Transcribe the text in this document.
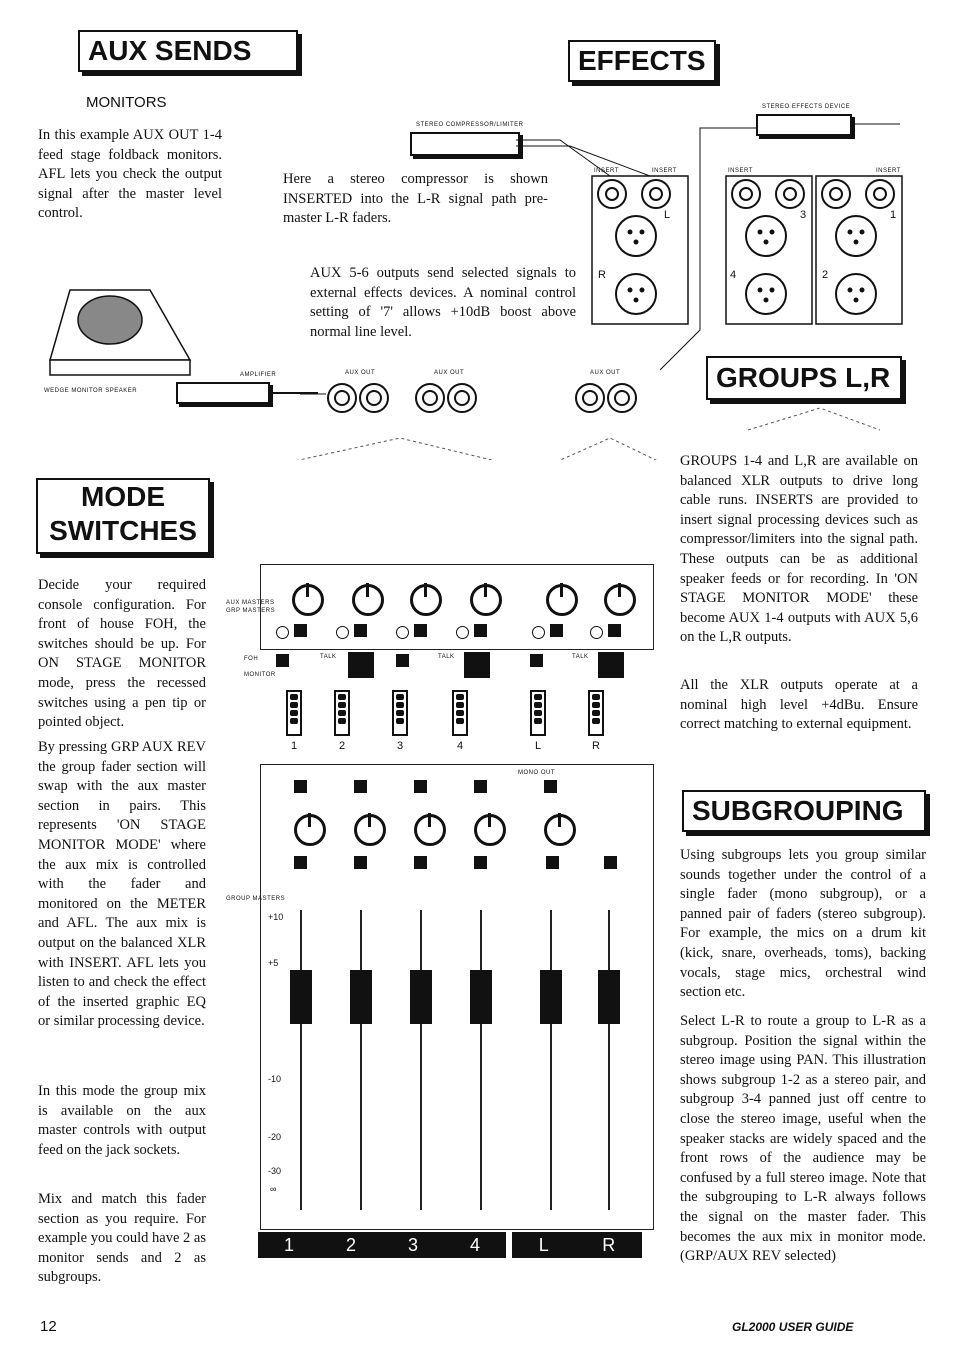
AUX SENDS	EFFECTS
GROUPS L,R
MODE
SWITCHES
SUBGROUPING
MONITORS
In this example AUX OUT 1-4 feed stage foldback monitors. AFL lets you check the output signal after the master level control.
Here a stereo compressor is shown INSERTED into the L-R signal path pre-master L-R faders.
AUX 5-6 outputs send selected signals to external effects devices. A nominal control setting of '7' allows +10dB boost above normal line level.
GROUPS 1-4 and L,R are available on balanced XLR outputs to drive long cable runs. INSERTS are provided to insert signal processing devices such as compressor/limiters into the signal path. These outputs can be as additional speaker feeds or for recording. In 'ON STAGE MONITOR MODE' these become AUX 1-4 outputs with AUX 5,6 on the L,R outputs.
All the XLR outputs operate at a nominal high level +4dBu. Ensure correct matching to external equipment.
Decide your required console configuration. For front of house FOH, the switches should be up. For ON STAGE MONITOR mode, press the recessed switches using a pen tip or pointed object.
By pressing GRP AUX REV the group fader section will swap with the aux master section in pairs. This represents 'ON STAGE MONITOR MODE' where the aux mix is controlled with the fader and monitored on the METER and AFL. The aux mix is output on the balanced XLR with INSERT. AFL lets you listen to and check the effect of the inserted graphic EQ or similar processing device.
In this mode the group mix is available on the aux master controls with output feed on the jack sockets.
Mix and match this fader section as you require. For example you could have 2 as monitor sends and 2 as subgroups.
Using subgroups lets you group similar sounds together under the control of a single fader (mono subgroup), or a panned pair of faders (stereo subgroup). For example, the mics on a drum kit (kick, snare, overheads, toms), backing vocals, stage mics, orchestral wind section etc.
Select L-R to route a group to L-R as a subgroup. Position the signal within the stereo image using PAN. This illustration shows subgroup 1-2 as a stereo pair, and subgroup 3-4 panned just off centre to close the stereo image, useful when the speaker stacks are widely spaced and the front rows of the audience may be confused by a full stereo image. Note that the subgrouping to L-R always follows the signal on the master fader. This becomes the aux mix in monitor mode. (GRP/AUX REV selected)
STEREO COMPRESSOR/LIMITER
STEREO EFFECTS DEVICE
WEDGE MONITOR SPEAKER
AMPLIFIER	AUX OUT	AUX OUT	AUX OUT
INSERT	INSERT	INSERT	INSERT
L
R
3
4
1
2
AUX MASTERS
GRP MASTERS
FOH
MONITOR
TALK	TALK	TALK
1	2	3	4	L	R
MONO OUT
GROUP MASTERS
+10
+5
-10
-20
-30
∞
1	2	3	4	L	R
12	GL2000 USER GUIDE
